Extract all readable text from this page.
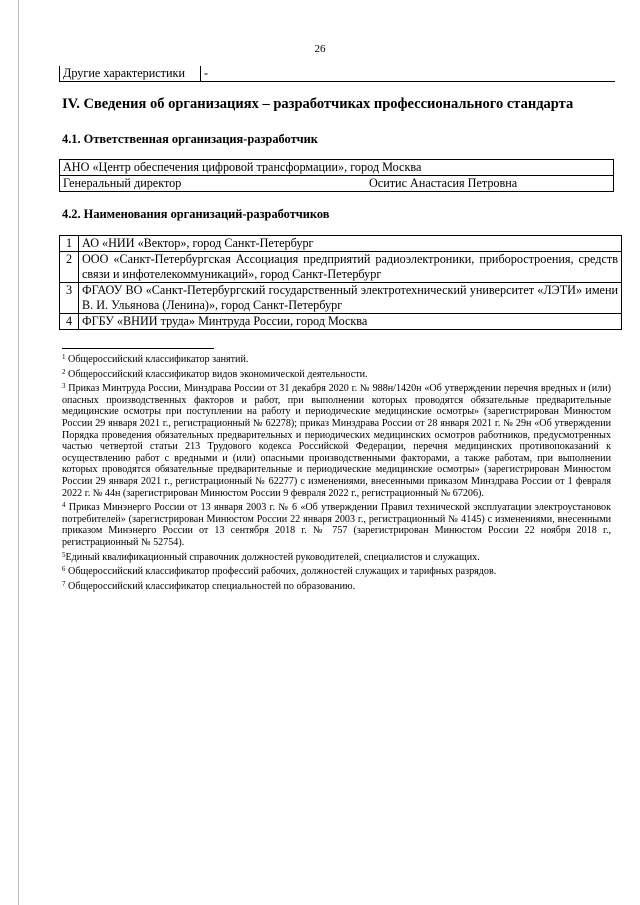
26
Другие характеристики	-
IV. Сведения об организациях – разработчиках профессионального стандарта
4.1. Ответственная организация-разработчик
АНО «Центр обеспечения цифровой трансформации», город Москва
Генеральный директор	Оситис Анастасия Петровна
4.2. Наименования организаций-разработчиков
1	АО «НИИ «Вектор», город Санкт-Петербург
2	ООО «Санкт-Петербургская Ассоциация предприятий радиоэлектроники, приборостроения, средств связи и инфотелекоммуникаций», город Санкт-Петербург
3	ФГАОУ ВО «Санкт-Петербургский государственный электротехнический университет «ЛЭТИ» имени В. И. Ульянова (Ленина)», город Санкт-Петербург
4	ФГБУ «ВНИИ труда» Минтруда России, город Москва

$^1$ Общероссийский классификатор занятий.

$^2$ Общероссийский классификатор видов экономической деятельности.

$^3$ Приказ Минтруда России, Минздрава России от 31 декабря 2020 г. № 988н/1420н «Об утверждении перечня вредных и (или) опасных производственных факторов и работ, при выполнении которых проводятся обязательные предварительные медицинские осмотры при поступлении на работу и периодические медицинские осмотры» (зарегистрирован Минюстом России 29 января 2021 г., регистрационный № 62278); приказ Минздрава России от 28 января 2021 г. № 29н «Об утверждении Порядка проведения обязательных предварительных и периодических медицинских осмотров работников, предусмотренных частью четвертой статьи 213 Трудового кодекса Российской Федерации, перечня медицинских противопоказаний к осуществлению работ с вредными и (или) опасными производственными факторами, а также работам, при выполнении которых проводятся обязательные предварительные и периодические медицинские осмотры» (зарегистрирован Минюстом России 29 января 2021 г., регистрационный № 62277) с изменениями, внесенными приказом Минздрава России от 1 февраля 2022 г. № 44н (зарегистрирован Минюстом России 9 февраля 2022 г., регистрационный № 67206).

$^4$ Приказ Минэнерго России от 13 января 2003 г. № 6 «Об утверждении Правил технической эксплуатации электроустановок потребителей» (зарегистрирован Минюстом России 22 января 2003 г., регистрационный № 4145) с изменениями, внесенными приказом Минэнерго России от 13 сентября 2018 г. № 757 (зарегистрирован Минюстом России 22 ноября 2018 г., регистрационный № 52754).

$^5$Единый квалификационный справочник должностей руководителей, специалистов и служащих.

$^6$ Общероссийский классификатор профессий рабочих, должностей служащих и тарифных разрядов.

$^7$ Общероссийский классификатор специальностей по образованию.
